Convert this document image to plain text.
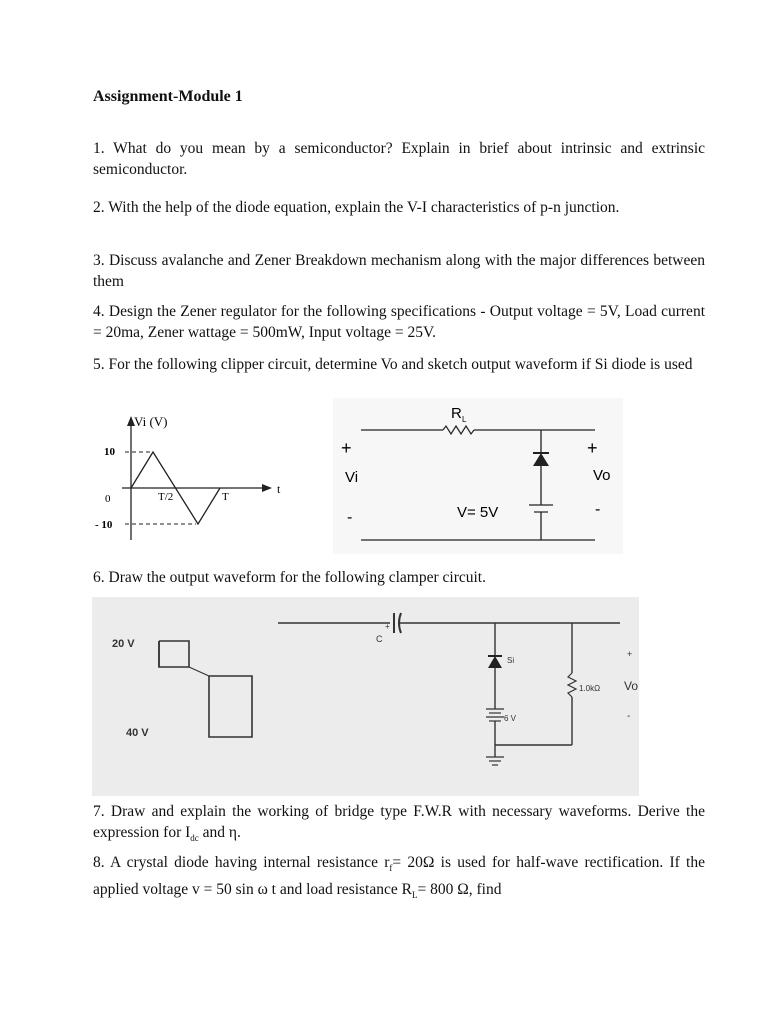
Assignment-Module 1
1. What do you mean by a semiconductor? Explain in brief about intrinsic and extrinsic semiconductor.
2. With the help of the diode equation, explain the V-I characteristics of p-n junction.
3. Discuss avalanche and Zener Breakdown mechanism along with the major differences between them
4. Design the Zener regulator for the following specifications - Output voltage = 5V, Load current = 20ma, Zener wattage = 500mW, Input voltage = 25V.
5. For the following clipper circuit, determine Vo and sketch output waveform if Si diode is used
Vi (V)
t
10
0
- 10
T/2	T
R L
+
Vi
-
+
Vo
-
V= 5V
6. Draw the output waveform for the following clamper circuit.
20 V
40 V
+
C
Si
6 V
1.0kΩ
+
Vo
-
7. Draw and explain the working of bridge type F.W.R with necessary waveforms. Derive the expression for $I_{dc}$ and η.
8. A crystal diode having internal resistance $r_f= 20\Omega$ is used for half-wave rectification. If the applied voltage v = 50 sin ω t and load resistance $R_L= 800$ Ω, find
